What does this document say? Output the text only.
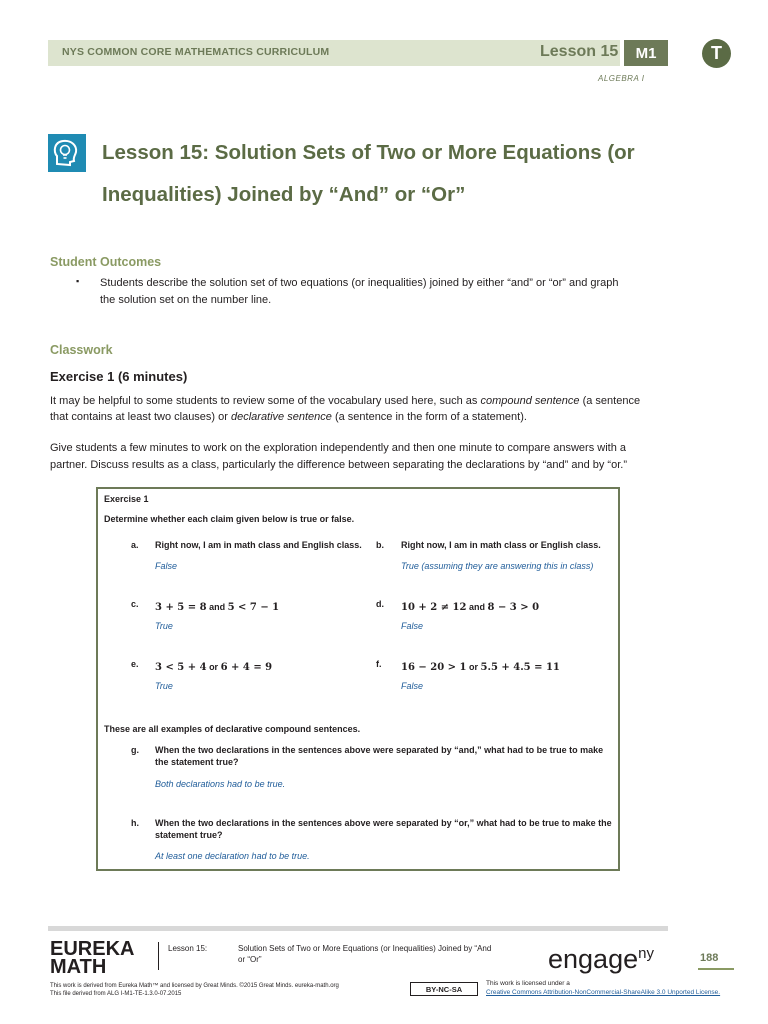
NYS COMMON CORE MATHEMATICS CURRICULUM	Lesson 15	M1
ALGEBRA I
T
Lesson 15: Solution Sets of Two or More Equations (or
Inequalities) Joined by “And” or “Or”
Student Outcomes
▪ Students describe the solution set of two equations (or inequalities) joined by either “and” or “or” and graph
the solution set on the number line.
Classwork
Exercise 1 (6 minutes)
It may be helpful to some students to review some of the vocabulary used here, such as compound sentence (a sentence
that contains at least two clauses) or declarative sentence (a sentence in the form of a statement).
Give students a few minutes to work on the exploration independently and then one minute to compare answers with a
partner. Discuss results as a class, particularly the difference between separating the declarations by “and” and by “or.”
Exercise 1
Determine whether each claim given below is true or false.
a. Right now, I am in math class and English class.
False
b. Right now, I am in math class or English class.
True (assuming they are answering this in class)
c. 3 + 5 = 8 and 5 < 7 − 1
True
d. 10 + 2 ≠ 12 and 8 − 3 > 0
False
e. 3 < 5 + 4 or 6 + 4 = 9
True
f. 16 − 20 > 1 or 5.5 + 4.5 = 11
False
These are all examples of declarative compound sentences.
g. When the two declarations in the sentences above were separated by “and,” what had to be true to make
the statement true?
Both declarations had to be true.
h. When the two declarations in the sentences above were separated by “or,” what had to be true to make the
statement true?
At least one declaration had to be true.
EUREKA
MATH
Lesson 15:	Solution Sets of Two or More Equations (or Inequalities) Joined by “And
or “Or”	engage$^{ny}$	188
This work is derived from Eureka Math™ and licensed by Great Minds. ©2015 Great Minds. eureka-math.org
This file derived from ALG I-M1-TE-1.3.0-07.2015
BY-NC-SA
This work is licensed under a
Creative Commons Attribution-NonCommercial-ShareAlike 3.0 Unported License.
